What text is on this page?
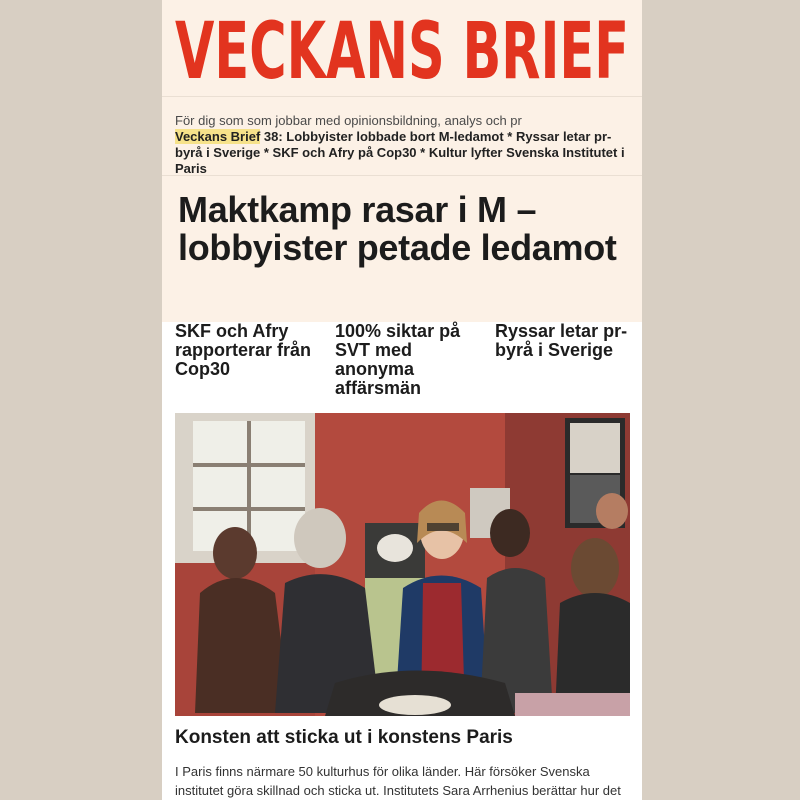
VECKANS BRIEF
För dig som som jobbar med opinionsbildning, analys och pr
Veckans Brief 38: Lobbyister lobbade bort M-ledamot * Ryssar letar pr-byrå i Sverige * SKF och Afry på Cop30 * Kultur lyfter Svenska Institutet i Paris
Maktkamp rasar i M – lobbyister petade ledamot
SKF och Afry rapporterar från Cop30
100% siktar på SVT med anonyma affärsmän
Ryssar letar pr-byrå i Sverige
Konsten att sticka ut i konstens Paris
I Paris finns närmare 50 kulturhus för olika länder. Här försöker Svenska institutet göra skillnad och sticka ut. Institutets Sara Arrhenius berättar hur det
